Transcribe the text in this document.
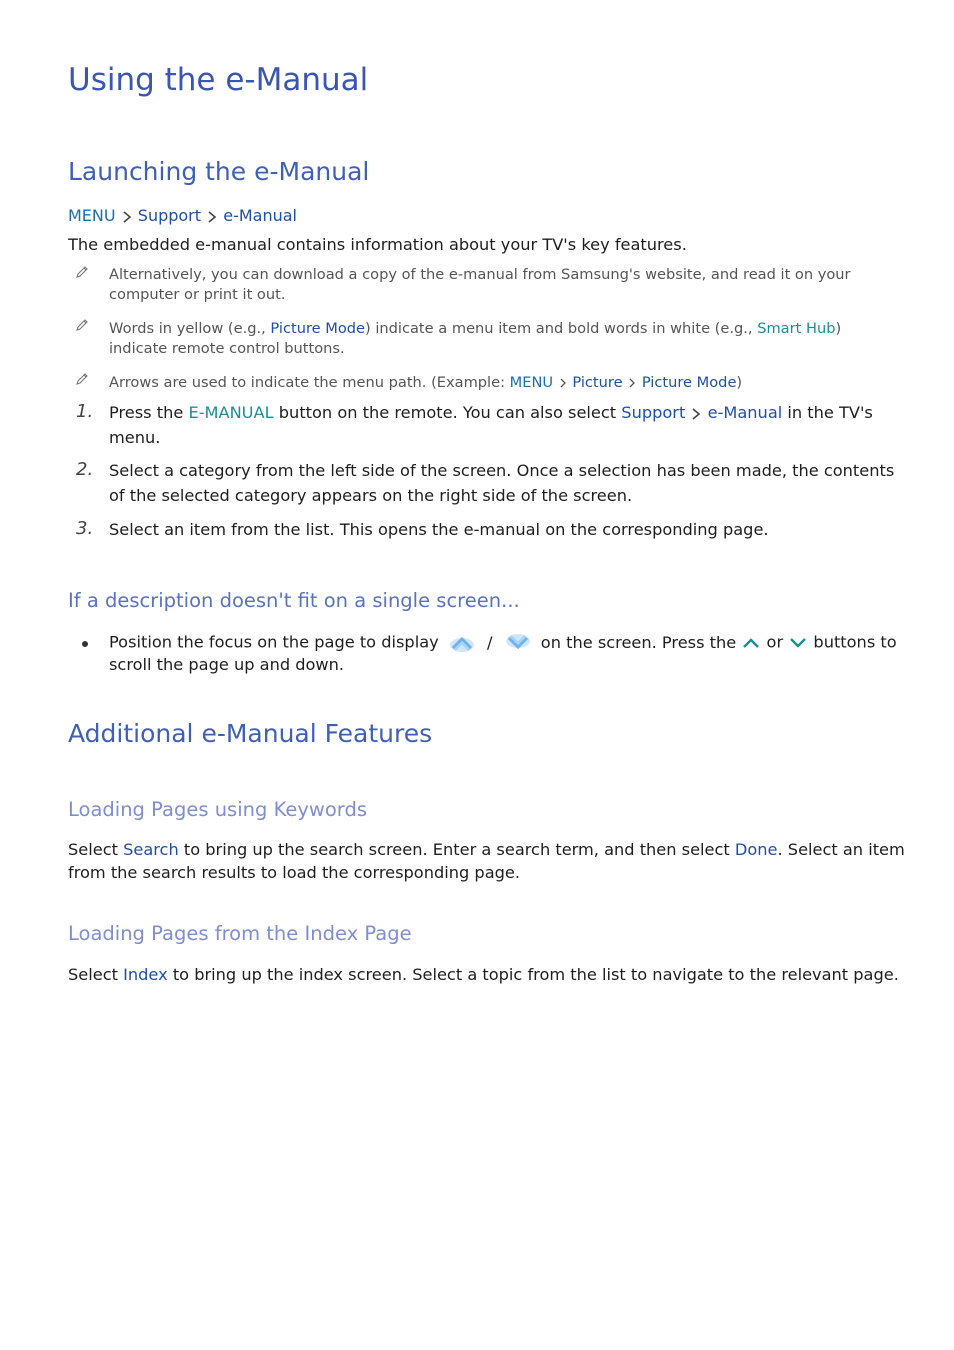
Using the e-Manual
Launching the e-Manual
MENU Support e-Manual
The embedded e-manual contains information about your TV's key features.
Alternatively, you can download a copy of the e-manual from Samsung's website, and read it on your
computer or print it out.
Words in yellow (e.g., Picture Mode) indicate a menu item and bold words in white (e.g., Smart Hub)
indicate remote control buttons.
Arrows are used to indicate the menu path. (Example: MENU Picture Picture Mode)
1. Press the E-MANUAL button on the remote. You can also select Support e-Manual in the TV's
menu.
2. Select a category from the left side of the screen. Once a selection has been made, the contents
of the selected category appears on the right side of the screen.
3. Select an item from the list. This opens the e-manual on the corresponding page.
If a description doesn't fit on a single screen...
Position the focus on the page to display	/	on the screen. Press the or buttons to
scroll the page up and down.
Additional e-Manual Features
Loading Pages using Keywords
Select Search to bring up the search screen. Enter a search term, and then select Done. Select an item
from the search results to load the corresponding page.
Loading Pages from the Index Page
Select Index to bring up the index screen. Select a topic from the list to navigate to the relevant page.
